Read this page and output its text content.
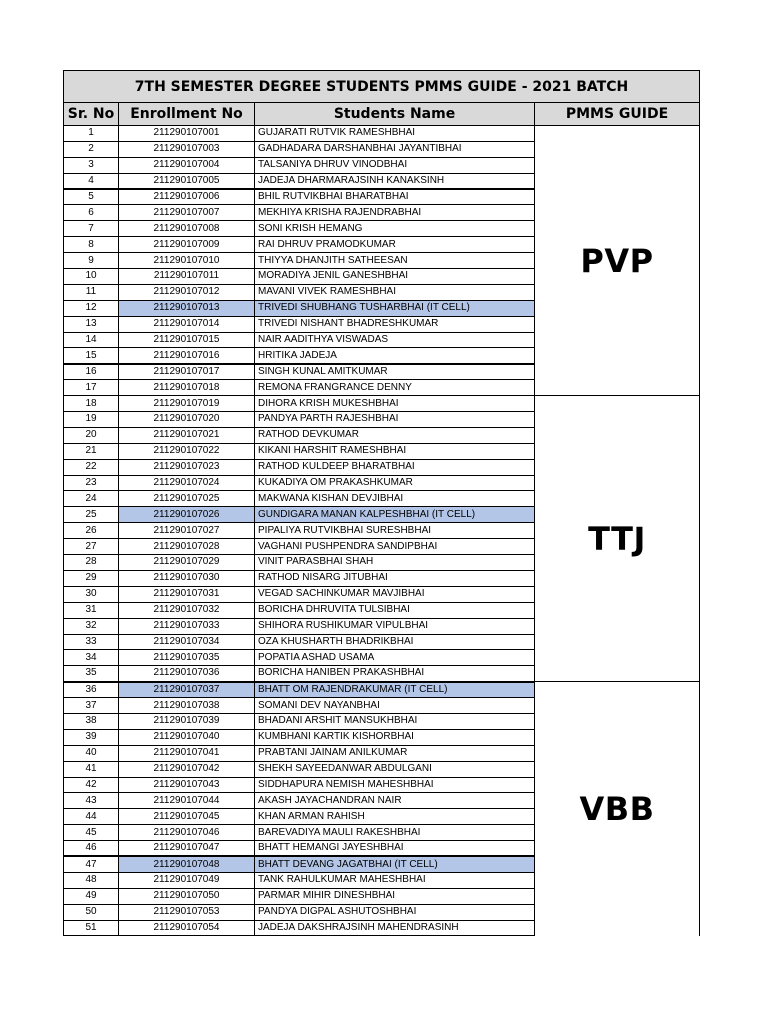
7TH SEMESTER DEGREE STUDENTS PMMS GUIDE - 2021 BATCH			
Sr. No	Enrollment No	Students Name	PMMS GUIDE
1	211290107001	GUJARATI RUTVIK RAMESHBHAI	PVP
2	211290107003	GADHADARA DARSHANBHAI JAYANTIBHAI	
3	211290107004	TALSANIYA DHRUV VINODBHAI	
4	211290107005	JADEJA DHARMARAJSINH KANAKSINH	
5	211290107006	BHIL RUTVIKBHAI BHARATBHAI	
6	211290107007	MEKHIYA KRISHA RAJENDRABHAI	
7	211290107008	SONI KRISH HEMANG	
8	211290107009	RAI DHRUV PRAMODKUMAR	
9	211290107010	THIYYA DHANJITH SATHEESAN	
10	211290107011	MORADIYA JENIL GANESHBHAI	
11	211290107012	MAVANI VIVEK RAMESHBHAI	
12	211290107013	TRIVEDI SHUBHANG TUSHARBHAI (IT CELL)	
13	211290107014	TRIVEDI NISHANT BHADRESHKUMAR	
14	211290107015	NAIR AADITHYA VISWADAS	
15	211290107016	HRITIKA JADEJA	
16	211290107017	SINGH KUNAL AMITKUMAR	
17	211290107018	REMONA FRANGRANCE DENNY	
18	211290107019	DIHORA KRISH MUKESHBHAI	TTJ
19	211290107020	PANDYA PARTH RAJESHBHAI	
20	211290107021	RATHOD DEVKUMAR	
21	211290107022	KIKANI HARSHIT RAMESHBHAI	
22	211290107023	RATHOD KULDEEP BHARATBHAI	
23	211290107024	KUKADIYA OM PRAKASHKUMAR	
24	211290107025	MAKWANA KISHAN DEVJIBHAI	
25	211290107026	GUNDIGARA MANAN KALPESHBHAI (IT CELL)	
26	211290107027	PIPALIYA RUTVIKBHAI SURESHBHAI	
27	211290107028	VAGHANI PUSHPENDRA SANDIPBHAI	
28	211290107029	VINIT PARASBHAI SHAH	
29	211290107030	RATHOD NISARG JITUBHAI	
30	211290107031	VEGAD SACHINKUMAR MAVJIBHAI	
31	211290107032	BORICHA DHRUVITA TULSIBHAI	
32	211290107033	SHIHORA RUSHIKUMAR VIPULBHAI	
33	211290107034	OZA KHUSHARTH BHADRIKBHAI	
34	211290107035	POPATIA ASHAD USAMA	
35	211290107036	BORICHA HANIBEN PRAKASHBHAI	
36	211290107037	BHATT OM RAJENDRAKUMAR (IT CELL)	VBB
37	211290107038	SOMANI DEV NAYANBHAI	
38	211290107039	BHADANI ARSHIT MANSUKHBHAI	
39	211290107040	KUMBHANI KARTIK KISHORBHAI	
40	211290107041	PRABTANI JAINAM ANILKUMAR	
41	211290107042	SHEKH SAYEEDANWAR ABDULGANI	
42	211290107043	SIDDHAPURA NEMISH MAHESHBHAI	
43	211290107044	AKASH JAYACHANDRAN NAIR	
44	211290107045	KHAN ARMAN RAHISH	
45	211290107046	BAREVADIYA MAULI RAKESHBHAI	
46	211290107047	BHATT HEMANGI JAYESHBHAI	
47	211290107048	BHATT DEVANG JAGATBHAI (IT CELL)	
48	211290107049	TANK RAHULKUMAR MAHESHBHAI	
49	211290107050	PARMAR MIHIR DINESHBHAI	
50	211290107053	PANDYA DIGPAL ASHUTOSHBHAI	
51	211290107054	JADEJA DAKSHRAJSINH MAHENDRASINH	
